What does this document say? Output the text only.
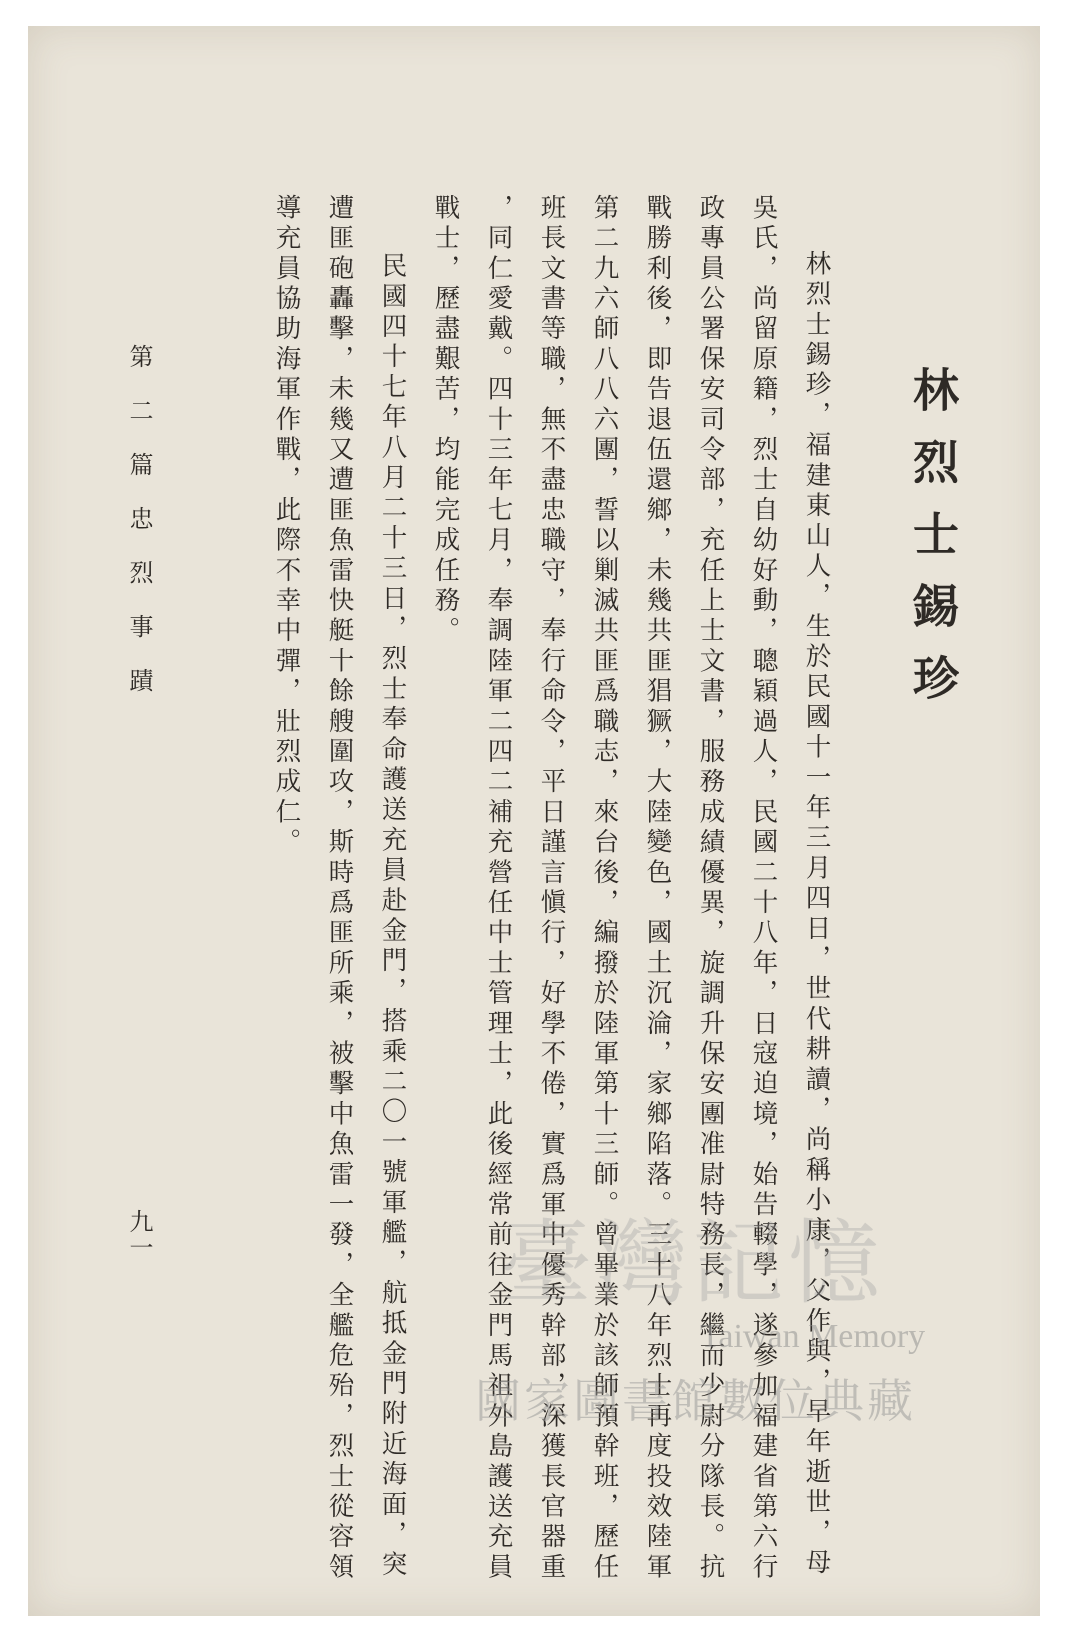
林烈士錫珍
林烈士錫珍，福建東山人，生於民國十一年三月四日，世代耕讀，尚稱小康，父作與，早年逝世，母
吳氏，尚留原籍，烈士自幼好動，聰穎過人，民國二十八年，日寇迫境，始告輟學，遂參加福建省第六行
政專員公署保安司令部，充任上士文書，服務成績優異，旋調升保安團准尉特務長，繼而少尉分隊長。抗
戰勝利後，即告退伍還鄉，未幾共匪猖獗，大陸變色，國土沉淪，家鄉陷落。三十八年烈士再度投效陸軍
第二九六師八八六團，誓以剿滅共匪爲職志，來台後，編撥於陸軍第十三師。曾畢業於該師預幹班，歷任
班長文書等職，無不盡忠職守，奉行命令，平日謹言愼行，好學不倦，實爲軍中優秀幹部，深獲長官器重
，同仁愛戴。四十三年七月，奉調陸軍二四二補充營任中士管理士，此後經常前往金門馬祖外島護送充員
戰士，歷盡艱苦，均能完成任務。
　民國四十七年八月二十三日，烈士奉命護送充員赴金門，搭乘二〇一號軍艦，航抵金門附近海面，突
遭匪砲轟擊，未幾又遭匪魚雷快艇十餘艘圍攻，斯時爲匪所乘，被擊中魚雷一發，全艦危殆，烈士從容領
導充員協助海軍作戰，此際不幸中彈，壯烈成仁。
第二篇忠烈事蹟
九一	臺灣記憶
Taiwan Memory
國家圖書館數位典藏
